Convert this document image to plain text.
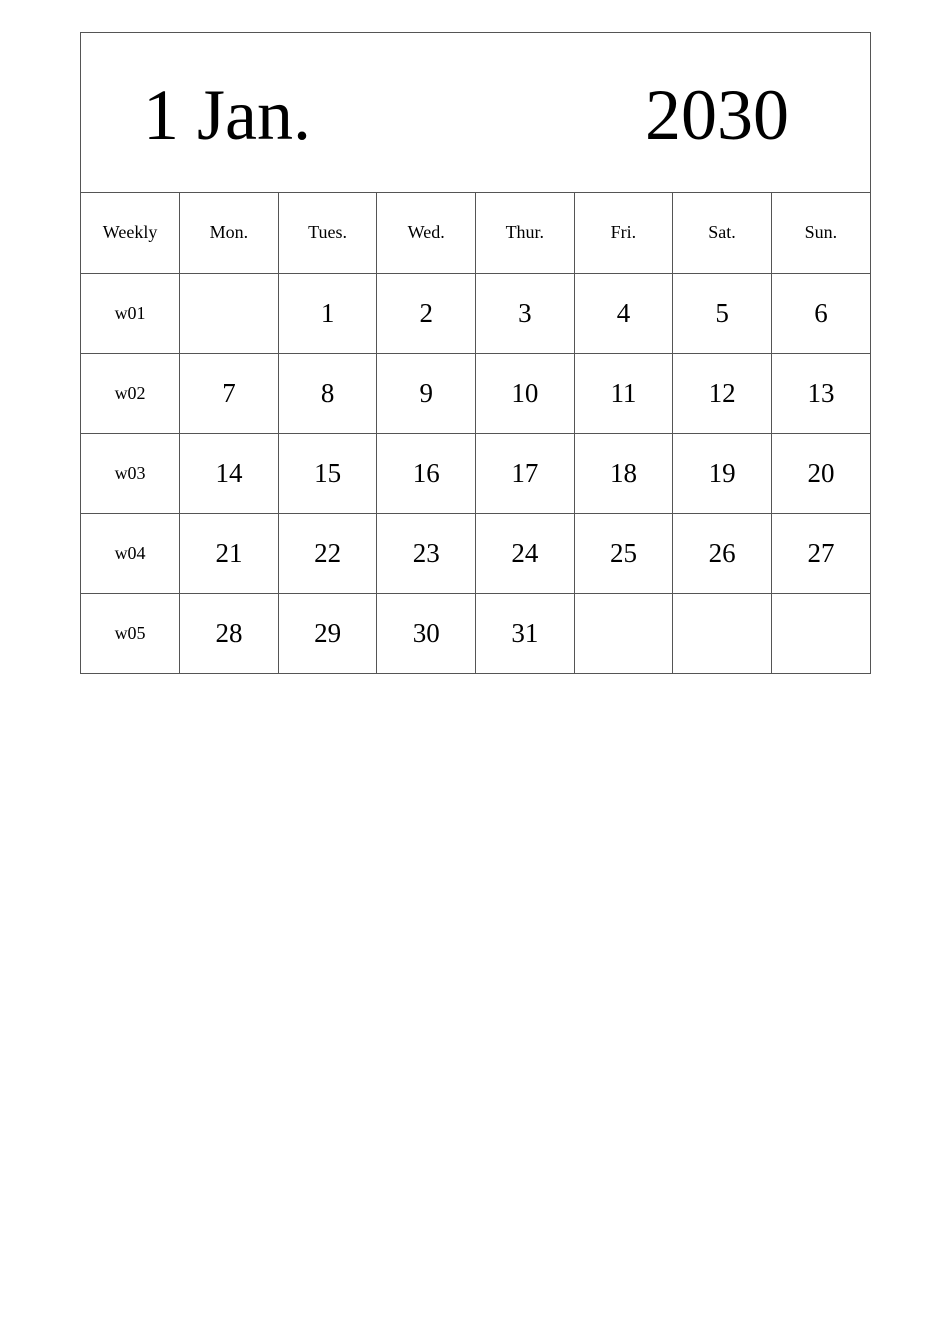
1 Jan.	2030
Weekly	Mon.	Tues.	Wed.	Thur.	Fri.	Sat.	Sun.
w01		1	2	3	4	5	6
w02	7	8	9	10	11	12	13
w03	14	15	16	17	18	19	20
w04	21	22	23	24	25	26	27
w05	28	29	30	31			
